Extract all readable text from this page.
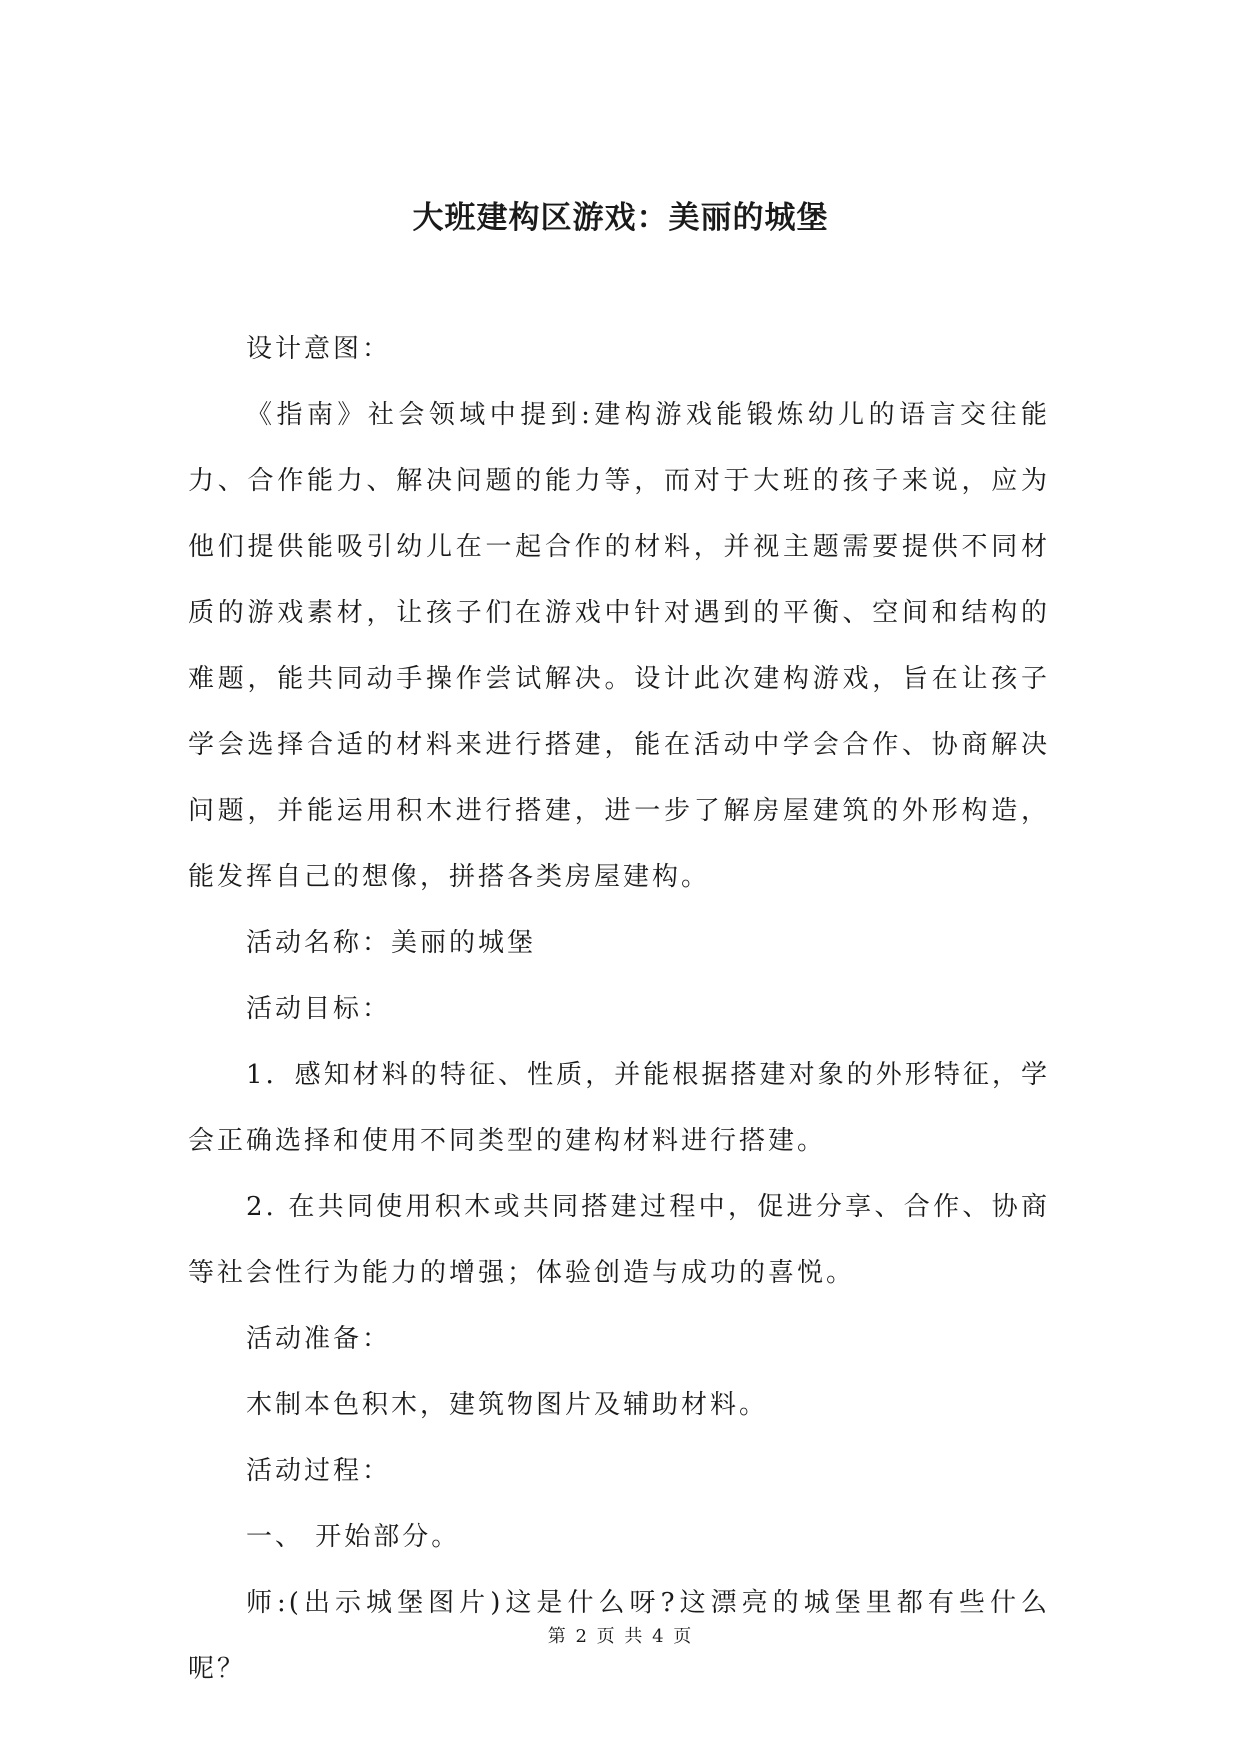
大班建构区游戏：美丽的城堡

设计意图：

《指南》社会领域中提到:建构游戏能锻炼幼儿的语言交往能力、合作能力、解决问题的能力等，而对于大班的孩子来说，应为他们提供能吸引幼儿在一起合作的材料，并视主题需要提供不同材质的游戏素材，让孩子们在游戏中针对遇到的平衡、空间和结构的难题，能共同动手操作尝试解决。设计此次建构游戏，旨在让孩子学会选择合适的材料来进行搭建，能在活动中学会合作、协商解决问题，并能运用积木进行搭建，进一步了解房屋建筑的外形构造，能发挥自己的想像，拼搭各类房屋建构。

活动名称：美丽的城堡

活动目标：

1．感知材料的特征、性质，并能根据搭建对象的外形特征，学会正确选择和使用不同类型的建构材料进行搭建。

2. 在共同使用积木或共同搭建过程中，促进分享、合作、协商等社会性行为能力的增强；体验创造与成功的喜悦。

活动准备：

木制本色积木，建筑物图片及辅助材料。

活动过程：

一、 开始部分。

师:(出示城堡图片)这是什么呀?这漂亮的城堡里都有些什么呢？

第 2 页 共 4 页
